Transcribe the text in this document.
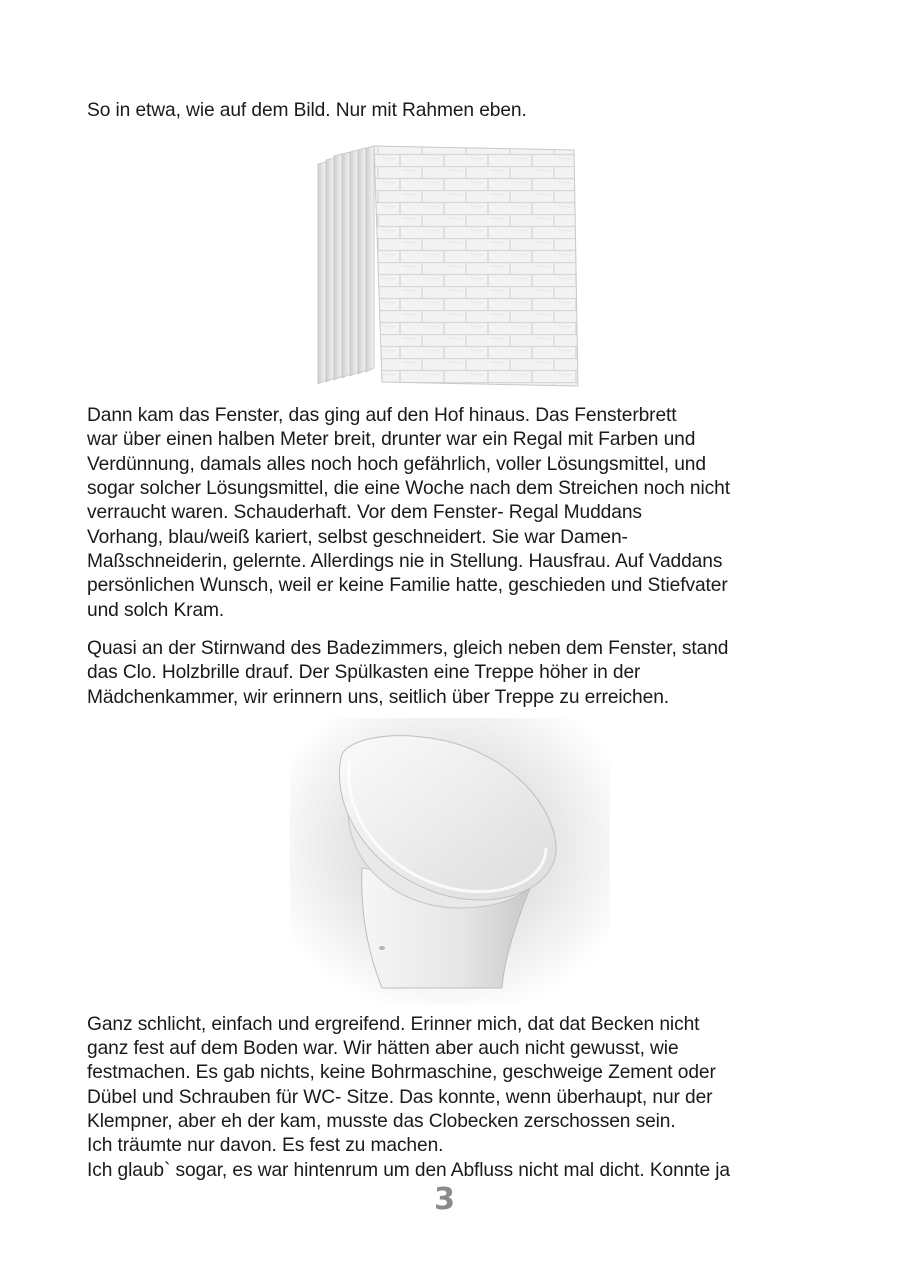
So in etwa, wie auf dem Bild. Nur mit Rahmen eben.
Dann kam das Fenster, das ging auf den Hof hinaus. Das Fensterbrett
war über einen halben Meter breit, drunter war ein Regal mit Farben und
Verdünnung, damals alles noch hoch gefährlich, voller Lösungsmittel, und
sogar solcher Lösungsmittel, die eine Woche nach dem Streichen noch nicht
verraucht waren. Schauderhaft. Vor dem Fenster- Regal Muddans
Vorhang, blau/weiß kariert, selbst geschneidert. Sie war Damen-
Maßschneiderin, gelernte. Allerdings nie in Stellung. Hausfrau. Auf Vaddans
persönlichen Wunsch, weil er keine Familie hatte, geschieden und Stiefvater
und solch Kram.
Quasi an der Stirnwand des Badezimmers, gleich neben dem Fenster, stand
das Clo. Holzbrille drauf. Der Spülkasten eine Treppe höher in der
Mädchenkammer, wir erinnern uns, seitlich über Treppe zu erreichen.
Ganz schlicht, einfach und ergreifend. Erinner mich, dat dat Becken nicht
ganz fest auf dem Boden war. Wir hätten aber auch nicht gewusst, wie
festmachen. Es gab nichts, keine Bohrmaschine, geschweige Zement oder
Dübel und Schrauben für WC- Sitze. Das konnte, wenn überhaupt, nur der
Klempner, aber eh der kam, musste das Clobecken zerschossen sein.
Ich träumte nur davon. Es fest zu machen.
Ich glaub` sogar, es war hintenrum um den Abfluss nicht mal dicht. Konnte ja
3
